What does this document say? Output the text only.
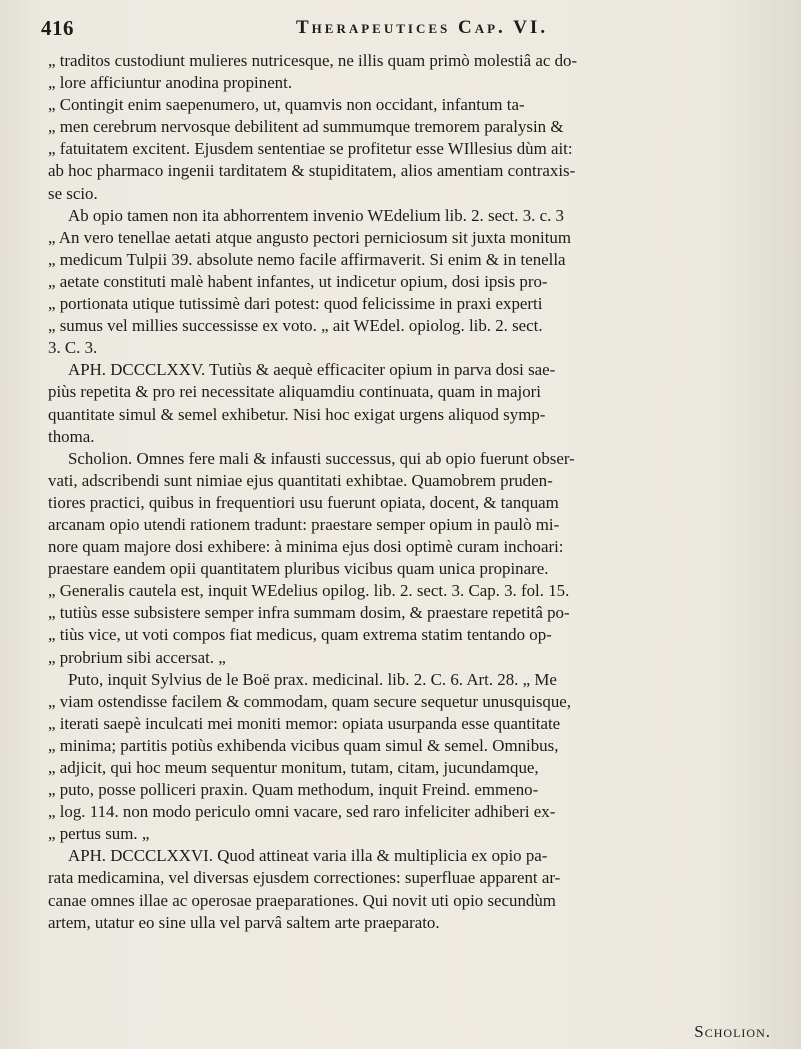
416	Therapeutices Cap. VI.
„ traditos custodiunt mulieres nutricesque, ne illis quam primò molestiâ ac do-
„ lore afficiuntur anodina propinent.
„ Contingit enim saepenumero, ut, quamvis non occidant, infantum ta-
„ men cerebrum nervosque debilitent ad summumque tremorem paralysin &
„ fatuitatem excitent. Ejusdem sententiae se profitetur esse WIllesius dùm ait:
ab hoc pharmaco ingenii tarditatem & stupiditatem, alios amentiam contraxis-
se scio.
Ab opio tamen non ita abhorrentem invenio WEdelium lib. 2. sect. 3. c. 3
„ An vero tenellae aetati atque angusto pectori perniciosum sit juxta monitum
„ medicum Tulpii 39. absolute nemo facile affirmaverit. Si enim & in tenella
„ aetate constituti malè habent infantes, ut indicetur opium, dosi ipsis pro-
„ portionata utique tutissimè dari potest: quod felicissime in praxi experti
„ sumus vel millies successisse ex voto. „ ait WEdel. opiolog. lib. 2. sect.
3. C. 3.
APH. DCCCLXXV. Tutiùs & aequè efficaciter opium in parva dosi sae-
piùs repetita & pro rei necessitate aliquamdiu continuata, quam in majori
quantitate simul & semel exhibetur. Nisi hoc exigat urgens aliquod symp-
thoma.
Scholion. Omnes fere mali & infausti successus, qui ab opio fuerunt obser-
vati, adscribendi sunt nimiae ejus quantitati exhibtae. Quamobrem pruden-
tiores practici, quibus in frequentiori usu fuerunt opiata, docent, & tanquam
arcanam opio utendi rationem tradunt: praestare semper opium in paulò mi-
nore quam majore dosi exhibere: à minima ejus dosi optimè curam inchoari:
praestare eandem opii quantitatem pluribus vicibus quam unica propinare.
„ Generalis cautela est, inquit WEdelius opilog. lib. 2. sect. 3. Cap. 3. fol. 15.
„ tutiùs esse subsistere semper infra summam dosim, & praestare repetitâ po-
„ tiùs vice, ut voti compos fiat medicus, quam extrema statim tentando op-
„ probrium sibi accersat. „
Puto, inquit Sylvius de le Boë prax. medicinal. lib. 2. C. 6. Art. 28. „ Me
„ viam ostendisse facilem & commodam, quam secure sequetur unusquisque,
„ iterati saepè inculcati mei moniti memor: opiata usurpanda esse quantitate
„ minima; partitis potiùs exhibenda vicibus quam simul & semel. Omnibus,
„ adjicit, qui hoc meum sequentur monitum, tutam, citam, jucundamque,
„ puto, posse polliceri praxin. Quam methodum, inquit Freind. emmeno-
„ log. 114. non modo periculo omni vacare, sed raro infeliciter adhiberi ex-
„ pertus sum. „
APH. DCCCLXXVI. Quod attineat varia illa & multiplicia ex opio pa-
rata medicamina, vel diversas ejusdem correctiones: superfluae apparent ar-
canae omnes illae ac operosae praeparationes. Qui novit uti opio secundùm
artem, utatur eo sine ulla vel parvâ saltem arte praeparato.
Scholion.
